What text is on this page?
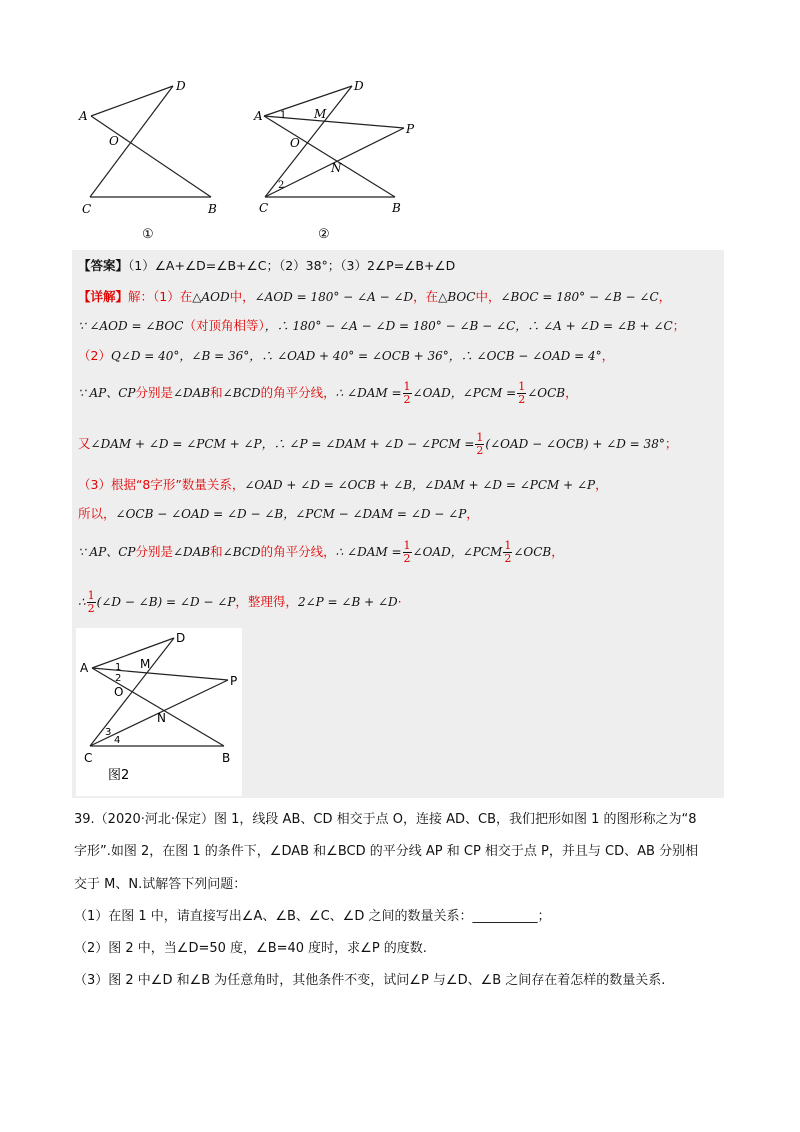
A
D
O
C	B
①
A
D
M
P
O
N
C	B
1
2
②
【答案】（1）∠A+∠D=∠B+∠C；（2）38°；（3）2∠P=∠B+∠D
【详解】解：（1）在△AOD中，∠AOD = 180° − ∠A − ∠D，在△BOC中，∠BOC = 180° − ∠B − ∠C，
∵ ∠AOD = ∠BOC（对顶角相等），∴ 180° − ∠A − ∠D = 180° − ∠B − ∠C，∴ ∠A + ∠D = ∠B + ∠C；
（2）Q∠D = 40°，∠B = 36°，∴ ∠OAD + 40° = ∠OCB + 36°，∴ ∠OCB − ∠OAD = 4°，
∵ AP、CP分别是∠DAB和∠BCD的角平分线，∴ ∠DAM = $\frac{1}{2}$ ∠OAD，∠PCM = $\frac{1}{2}$ ∠OCB，
又∠DAM + ∠D = ∠PCM + ∠P，∴ ∠P = ∠DAM + ∠D − ∠PCM = $\frac{1}{2}$ (∠OAD − ∠OCB) + ∠D = 38°；
（3）根据“8字形”数量关系，∠OAD + ∠D = ∠OCB + ∠B，∠DAM + ∠D = ∠PCM + ∠P，
所以，∠OCB − ∠OAD = ∠D − ∠B，∠PCM − ∠DAM = ∠D − ∠P，
∵ AP、CP分别是∠DAB和∠BCD的角平分线，∴ ∠DAM = $\frac{1}{2}$ ∠OAD，∠PCM $\frac{1}{2}$ ∠OCB，
∴ $\frac{1}{2}$ (∠D − ∠B) = ∠D − ∠P，整理得，2∠P = ∠B + ∠D·
A
D
M
P
O
N
C	B
1
2
3
4
图2
39.（2020·河北·保定）图 1，线段 AB、CD 相交于点 O，连接 AD、CB，我们把形如图 1 的图形称之为“8
字形”.如图 2，在图 1 的条件下，∠DAB 和∠BCD 的平分线 AP 和 CP 相交于点 P，并且与 CD、AB 分别相
交于 M、N.试解答下列问题：
（1）在图 1 中，请直接写出∠A、∠B、∠C、∠D 之间的数量关系：__________；
（2）图 2 中，当∠D=50 度，∠B=40 度时，求∠P 的度数.
（3）图 2 中∠D 和∠B 为任意角时，其他条件不变，试问∠P 与∠D、∠B 之间存在着怎样的数量关系.
